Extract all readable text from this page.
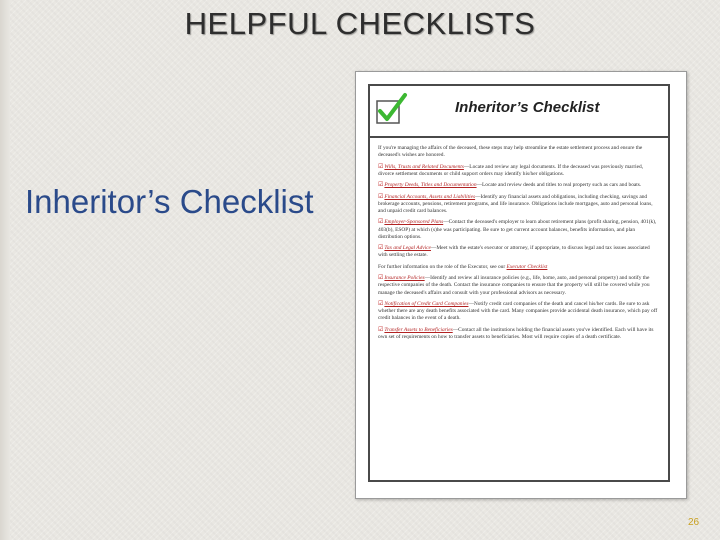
HELPFUL CHECKLISTS
Inheritor’s Checklist
Inheritor’s Checklist

If you're managing the affairs of the deceased, these steps may help streamline the estate settlement process and ensure the deceased's wishes are honored.

☑Wills, Trusts and Related Documents—Locate and review any legal documents. If the deceased was previously married, divorce settlement documents or child support orders may identify his/her obligations.

☑Property Deeds, Titles and Documentation—Locate and review deeds and titles to real property such as cars and boats.

☑Financial Accounts, Assets and Liabilities—Identify any financial assets and obligations, including checking, savings and brokerage accounts, pensions, retirement programs, and life insurance. Obligations include mortgages, auto and personal loans, and unpaid credit card balances.

☑Employer-Sponsored Plans—Contact the deceased's employer to learn about retirement plans (profit sharing, pension, 401(k), 403(b), ESOP) at which (s)he was participating. Be sure to get current account balances, benefits information, and plan distribution options.

☑Tax and Legal Advice—Meet with the estate's executor or attorney, if appropriate, to discuss legal and tax issues associated with settling the estate.

For further information on the role of the Executor, see our Executor Checklist

☑Insurance Policies—Identify and review all insurance policies (e.g., life, home, auto, and personal property) and notify the respective companies of the death. Contact the insurance companies to ensure that the property will still be covered while you manage the deceased's affairs and consult with your professional advisors as necessary.

☑Notification of Credit Card Companies—Notify credit card companies of the death and cancel his/her cards. Be sure to ask whether there are any death benefits associated with the card. Many companies provide accidental death insurance, which pay off credit balances in the event of a death.

☑Transfer Assets to Beneficiaries—Contact all the institutions holding the financial assets you've identified. Each will have its own set of requirements on how to transfer assets to beneficiaries. Most will require copies of a death certificate.

26
